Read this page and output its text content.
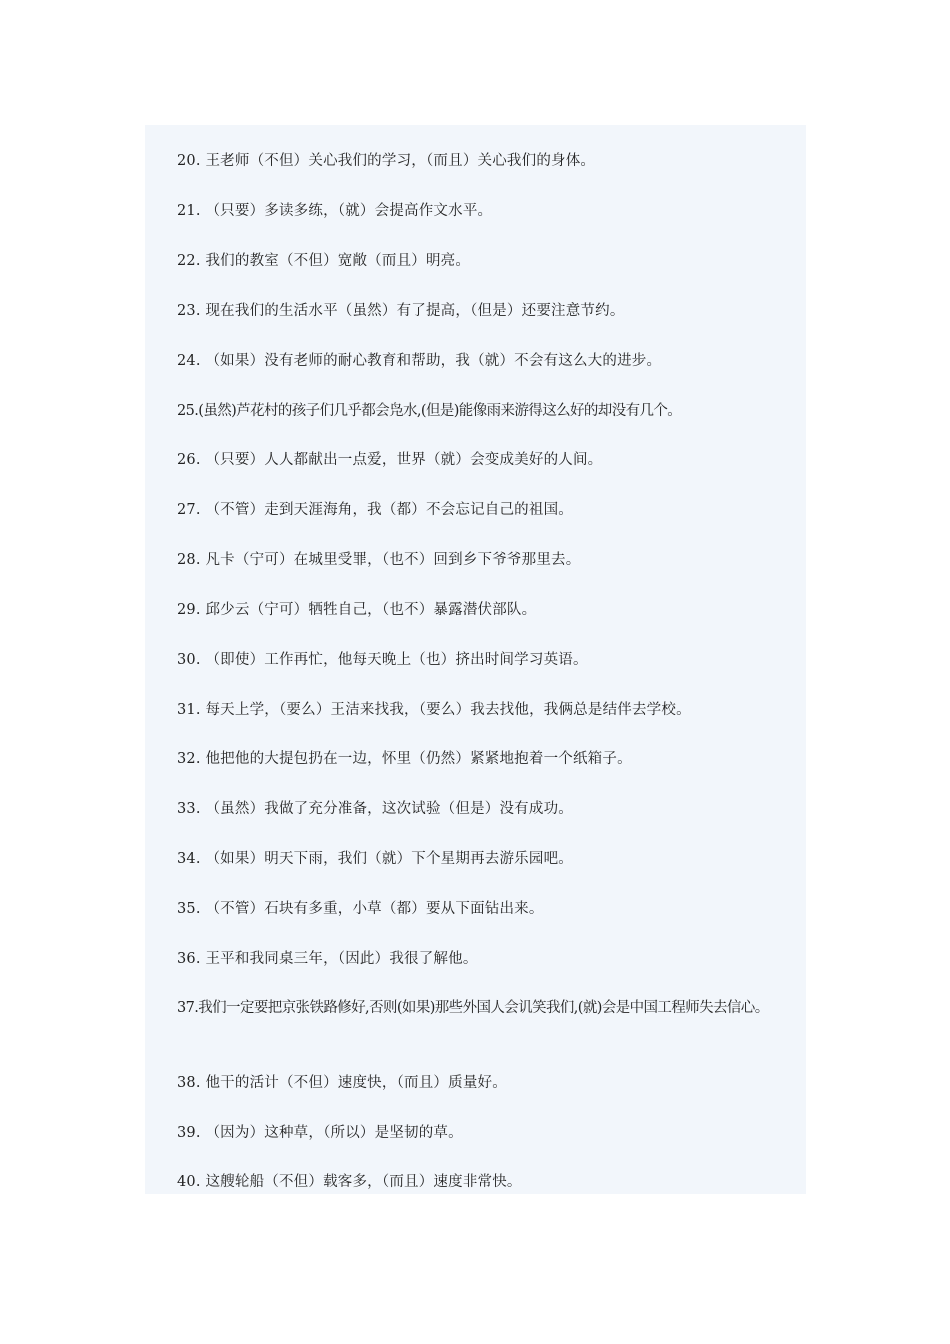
20. 王老师（不但）关心我们的学习，（而且）关心我们的身体。
21. （只要）多读多练，（就）会提高作文水平。
22. 我们的教室（不但）宽敞（而且）明亮。
23. 现在我们的生活水平（虽然）有了提高，（但是）还要注意节约。
24. （如果）没有老师的耐心教育和帮助，我（就）不会有这么大的进步。
25.(虽然)芦花村的孩子们几乎都会凫水,(但是)能像雨来游得这么好的却没有几个。
26. （只要）人人都献出一点爱，世界（就）会变成美好的人间。
27. （不管）走到天涯海角，我（都）不会忘记自己的祖国。
28. 凡卡（宁可）在城里受罪，（也不）回到乡下爷爷那里去。
29. 邱少云（宁可）牺牲自己，（也不）暴露潜伏部队。
30. （即使）工作再忙，他每天晚上（也）挤出时间学习英语。
31. 每天上学，（要么）王洁来找我，（要么）我去找他，我俩总是结伴去学校。
32. 他把他的大提包扔在一边，怀里（仍然）紧紧地抱着一个纸箱子。
33. （虽然）我做了充分准备，这次试验（但是）没有成功。
34. （如果）明天下雨，我们（就）下个星期再去游乐园吧。
35. （不管）石块有多重，小草（都）要从下面钻出来。
36. 王平和我同桌三年，（因此）我很了解他。
37.我们一定要把京张铁路修好,否则(如果)那些外国人会讥笑我们,(就)会是中国工程师失去信心。
38. 他干的活计（不但）速度快，（而且）质量好。
39. （因为）这种草，（所以）是坚韧的草。
40. 这艘轮船（不但）载客多，（而且）速度非常快。
